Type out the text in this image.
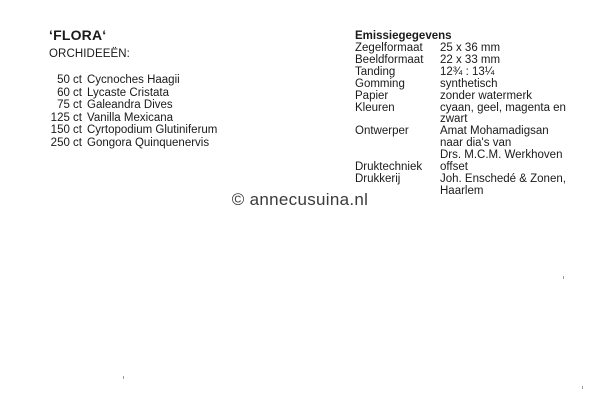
‘FLORA‘
ORCHIDEEËN:
50 ct Cycnoches Haagii
60 ct Lycaste Cristata
75 ct Galeandra Dives
125 ct Vanilla Mexicana
150 ct Cyrtopodium Glutiniferum
250 ct Gongora Quinquenervis
Emissiegegevens
Zegelformaat	25 x 36 mm
Beeldformaat	22 x 33 mm
Tanding	12¾ : 13¼
Gomming	synthetisch
Papier	zonder watermerk
Kleuren	cyaan, geel, magenta en
zwart
Ontwerper	Amat Mohamadigsan
naar dia's van
Drs. M.C.M. Werkhoven
Druktechniek	offset
Drukkerij	Joh. Enschedé & Zonen,
Haarlem
© annecusuina.nl
